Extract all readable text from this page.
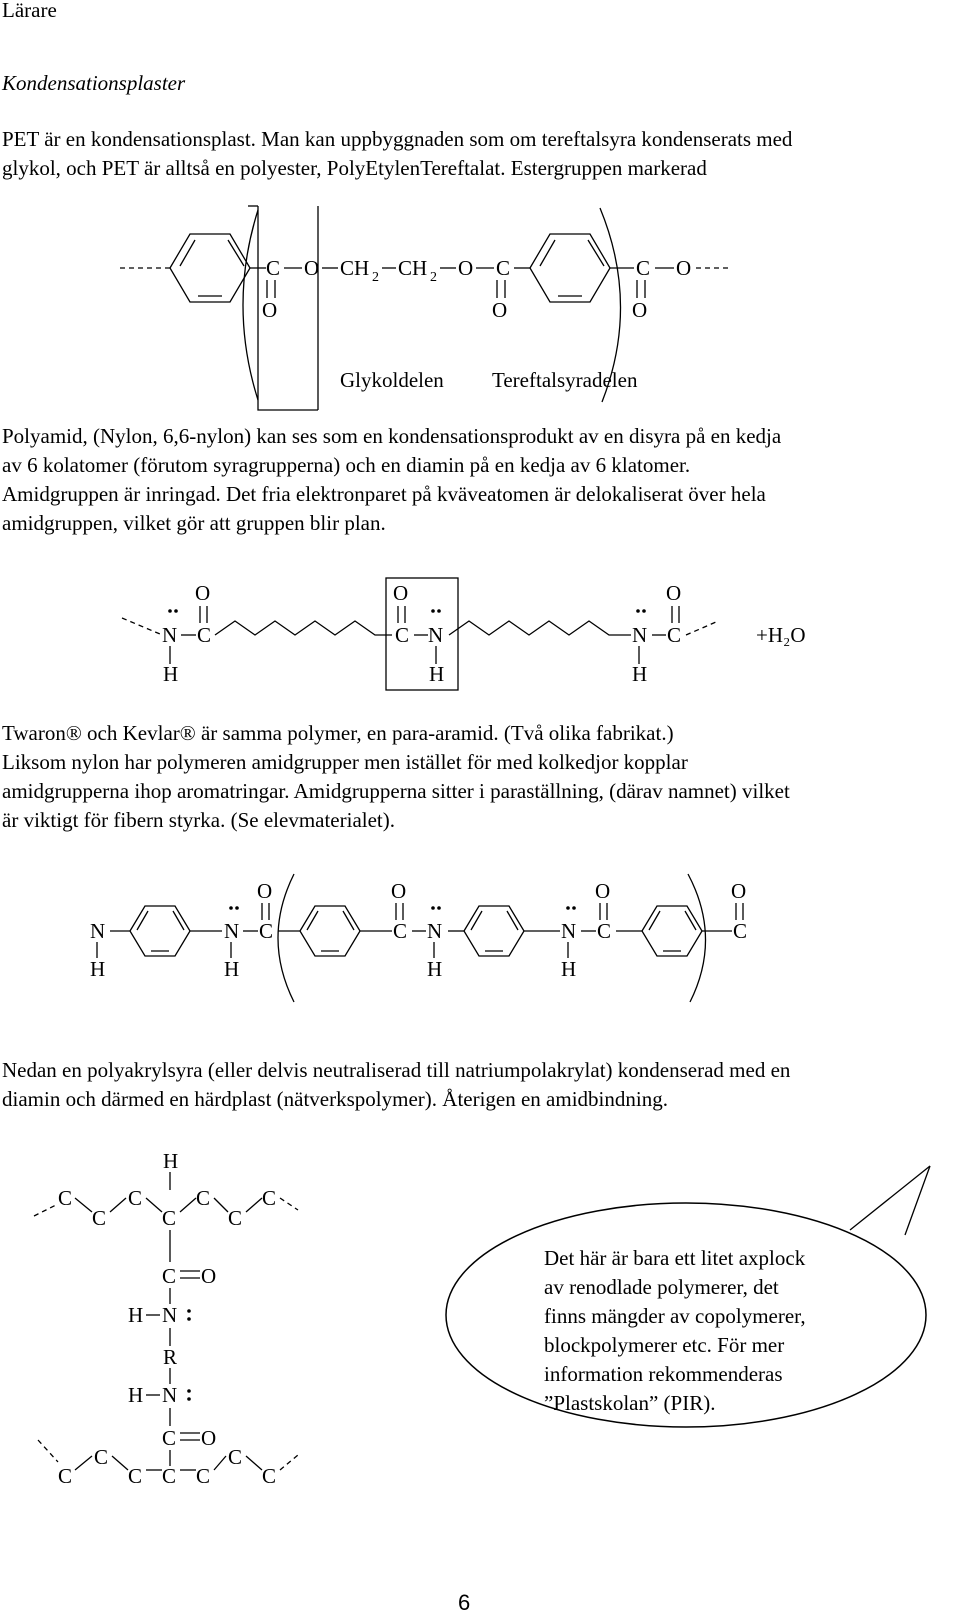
Lärare

Kondensationsplaster

PET är en kondensationsplast. Man kan uppbyggnaden som om tereftalsyra kondenserats med

glykol, och PET är alltså en polyester, PolyEtylenTereftalat. Estergruppen markerad

C O CH 2 CH 2 O C
O	O
C O
O

Glykoldelen Tereftalsyradelen

Polyamid, (Nylon, 6,6-nylon) kan ses som en kondensationsprodukt av en disyra på en kedja

av 6 kolatomer (förutom syragrupperna) och en diamin på en kedja av 6 klatomer.

Amidgruppen är inringad. Det fria elektronparet på kväveatomen är delokaliserat över hela

amidgruppen, vilket gör att gruppen blir plan.

N C
O
H
C
O
N
H
N C
O
H
+H₂O

Twaron® och Kevlar® är samma polymer, en para-aramid. (Två olika fabrikat.)

Liksom nylon har polymeren amidgrupper men istället för med kolkedjor kopplar

amidgrupperna ihop aromatringar. Amidgrupperna sitter i paraställning, (därav namnet) vilket

är viktigt för fibern styrka. (Se elevmaterialet).

N
H
N
H
C
O
C
O
N
H
N
H
C
O
C
O

Nedan en polyakrylsyra (eller delvis neutraliserad till natriumpolakrylat) kondenserad med en

diamin och därmed en härdplast (nätverkspolymer). Återigen en amidbindning.

H
C
C
C
C
C
C
C
C O
H N
R
H N
C O
C
C
C C C
C
C
Det här är bara ett litet axplock
av renodlade polymerer, det
finns mängder av copolymerer,
blockpolymerer etc. För mer
information rekommenderas
”Plastskolan” (PIR).
6
